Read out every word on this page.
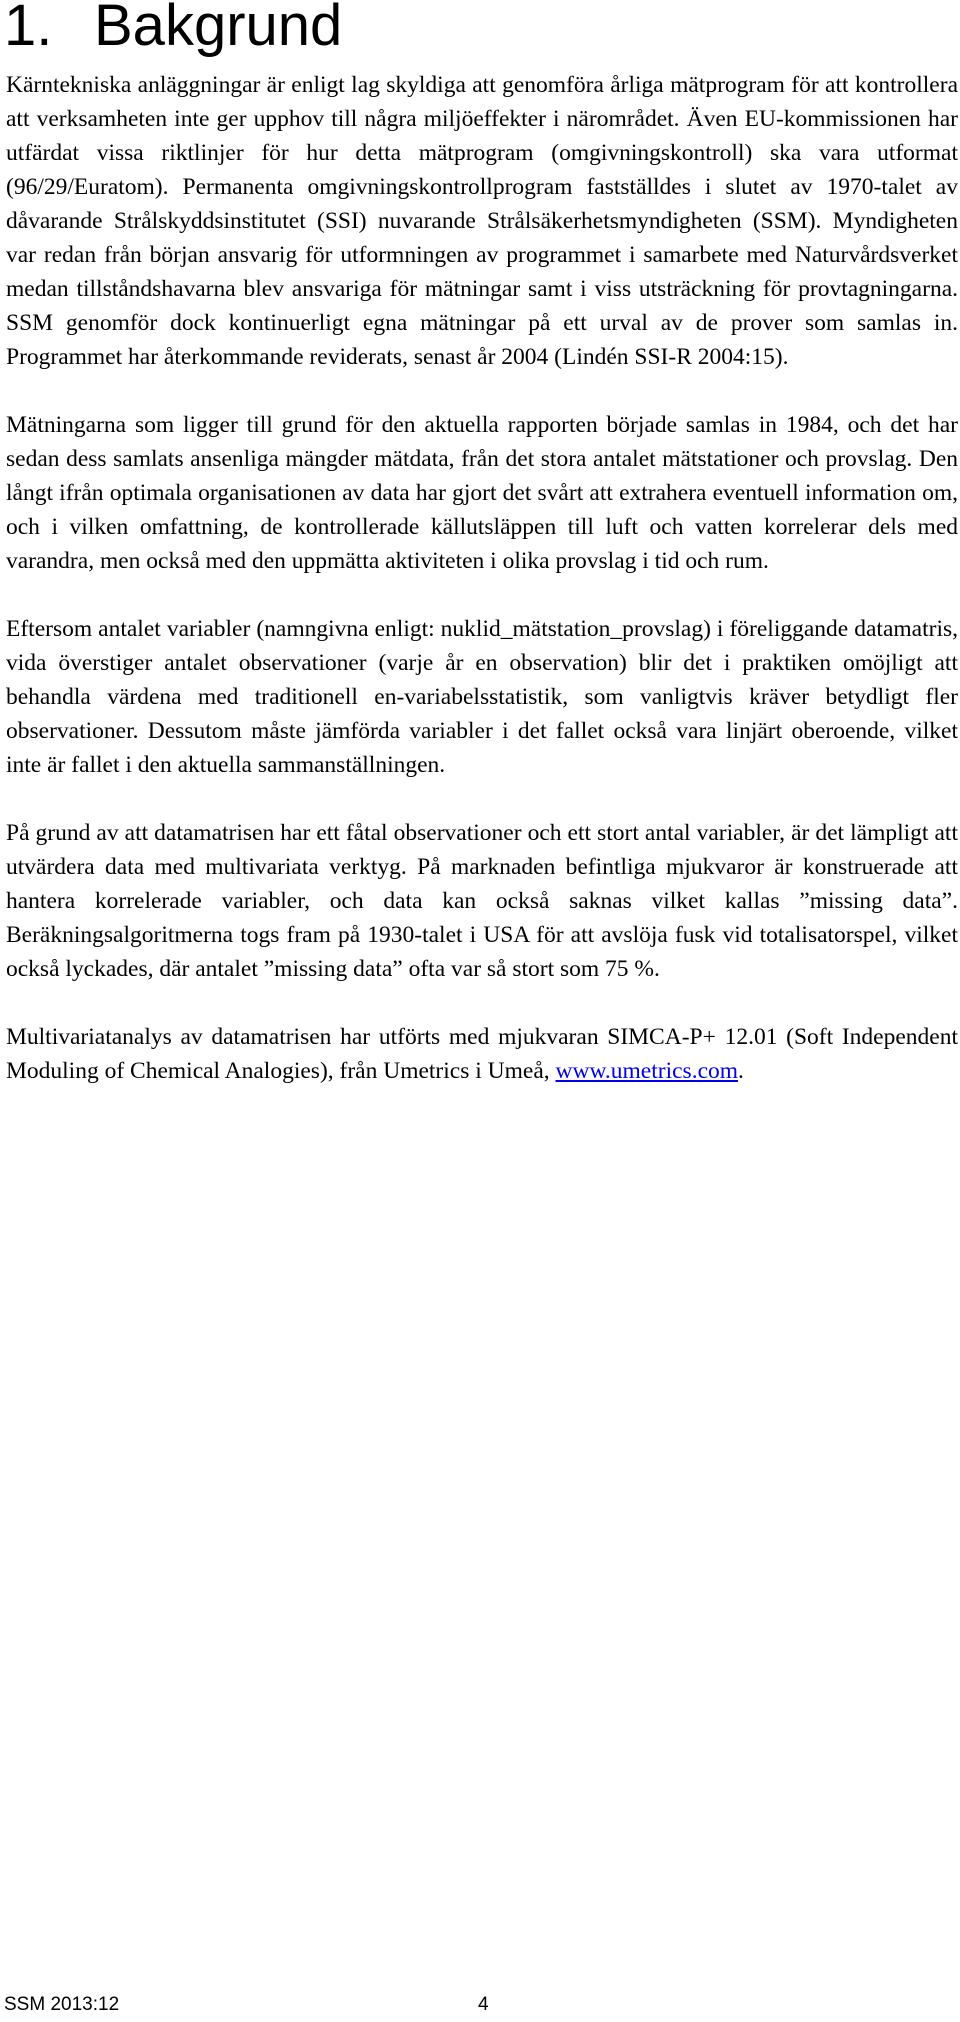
1. Bakgrund

Kärntekniska anläggningar är enligt lag skyldiga att genomföra årliga mätprogram för att kontrollera att verksamheten inte ger upphov till några miljöeffekter i närområdet. Även EU-kommissionen har utfärdat vissa riktlinjer för hur detta mätprogram (omgivningskontroll) ska vara utformat (96/29/Euratom). Permanenta omgivningskontrollprogram fastställdes i slutet av 1970-talet av dåvarande Strålskyddsinstitutet (SSI) nuvarande Strålsäkerhetsmyndigheten (SSM). Myndigheten var redan från början ansvarig för utformningen av programmet i samarbete med Naturvårdsverket medan tillståndshavarna blev ansvariga för mätningar samt i viss utsträckning för provtagningarna. SSM genomför dock kontinuerligt egna mätningar på ett urval av de prover som samlas in. Programmet har återkommande reviderats, senast år 2004 (Lindén SSI-R 2004:15).

Mätningarna som ligger till grund för den aktuella rapporten började samlas in 1984, och det har sedan dess samlats ansenliga mängder mätdata, från det stora antalet mätstationer och provslag. Den långt ifrån optimala organisationen av data har gjort det svårt att extrahera eventuell information om, och i vilken omfattning, de kontrollerade källutsläppen till luft och vatten korrelerar dels med varandra, men också med den uppmätta aktiviteten i olika provslag i tid och rum.

Eftersom antalet variabler (namngivna enligt: nuklid_mätstation_provslag) i föreliggande datamatris, vida överstiger antalet observationer (varje år en observation) blir det i praktiken omöjligt att behandla värdena med traditionell en-variabelsstatistik, som vanligtvis kräver betydligt fler observationer. Dessutom måste jämförda variabler i det fallet också vara linjärt oberoende, vilket inte är fallet i den aktuella sammanställningen.

På grund av att datamatrisen har ett fåtal observationer och ett stort antal variabler, är det lämpligt att utvärdera data med multivariata verktyg. På marknaden befintliga mjukvaror är konstruerade att hantera korrelerade variabler, och data kan också saknas vilket kallas ”missing data”. Beräkningsalgoritmerna togs fram på 1930-talet i USA för att avslöja fusk vid totalisatorspel, vilket också lyckades, där antalet ”missing data” ofta var så stort som 75 %.

Multivariatanalys av datamatrisen har utförts med mjukvaran SIMCA-P+ 12.01 (Soft Independent Moduling of Chemical Analogies), från Umetrics i Umeå, www.umetrics.com.

SSM 2013:12	4
